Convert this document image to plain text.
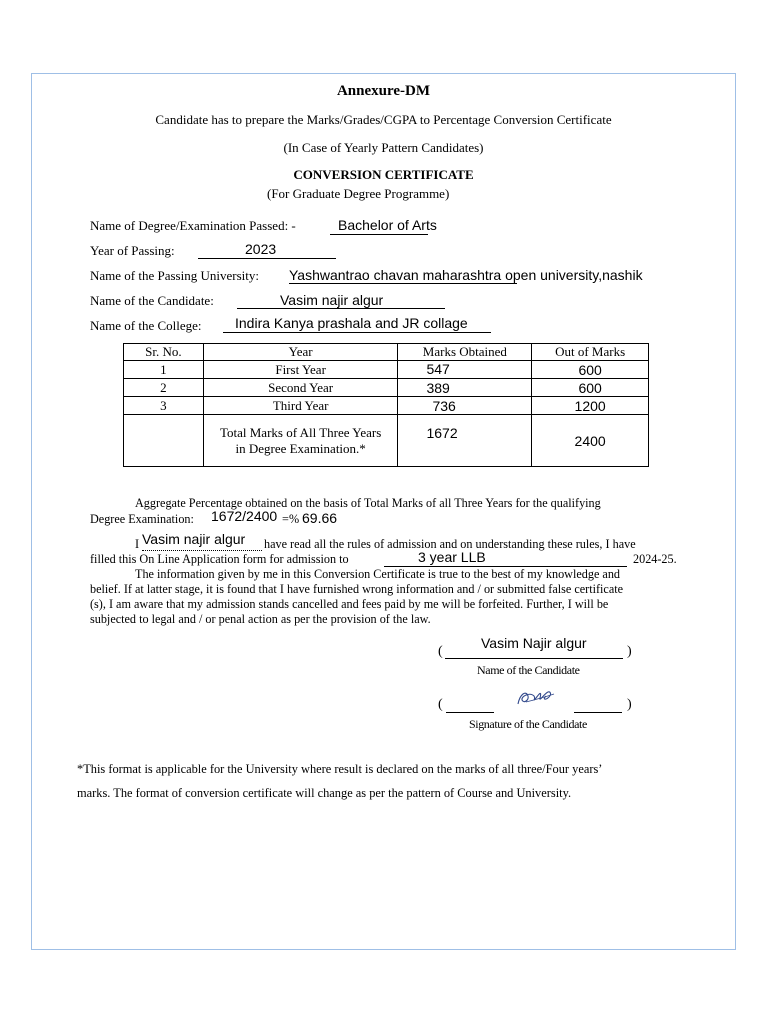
Annexure-DM
Candidate has to prepare the Marks/Grades/CGPA to Percentage Conversion Certificate
(In Case of Yearly Pattern Candidates)
CONVERSION CERTIFICATE
(For Graduate Degree Programme)
Name of Degree/Examination Passed: -	Bachelor of Arts
Year of Passing:	2023
Name of the Passing University: Yashwantrao chavan maharashtra open university,nashik
Name of the Candidate:	Vasim najir algur
Name of the College: Indira Kanya prashala and JR collage
Sr. No.	Year	Marks Obtained	Out of Marks
1	First Year	547	600
2	Second Year	389	600
3	Third Year	736	1200
	Total Marks of All Three Years in Degree Examination.*	1672	2400
Aggregate Percentage obtained on the basis of Total Marks of all Three Years for the qualifying
Degree Examination: 1672/2400 = % 69.66
Vasim najir algur
I	have read all the rules of admission and on understanding these rules, I have
filled this On Line Application form for admission to	3 year LLB	2024-25.
The information given by me in this Conversion Certificate is true to the best of my knowledge and
belief. If at latter stage, it is found that I have furnished wrong information and / or submitted false certificate
(s), I am aware that my admission stands cancelled and fees paid by me will be forfeited. Further, I will be
subjected to legal and / or penal action as per the provision of the law.
(
Vasim Najir algur
)
Name of the Candidate
(	)
Signature of the Candidate
*This format is applicable for the University where result is declared on the marks of all three/Four years’
marks. The format of conversion certificate will change as per the pattern of Course and University.
